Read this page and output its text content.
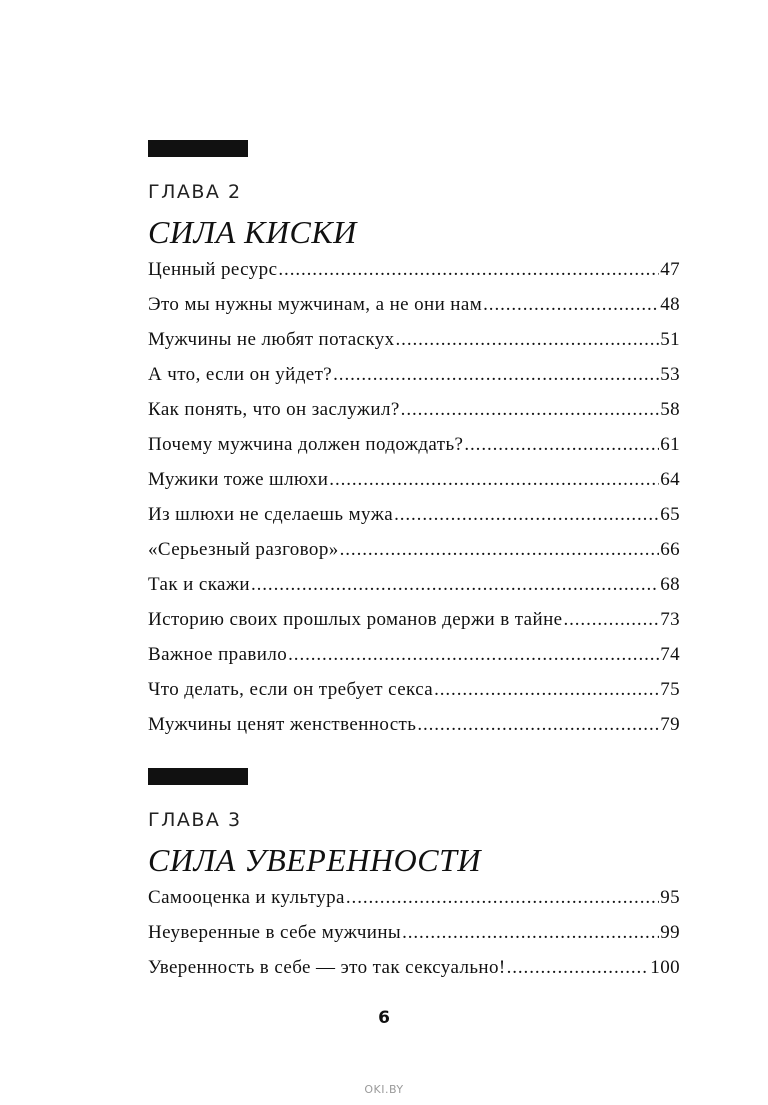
ГЛАВА 2
СИЛА КИСКИ
Ценный ресурс .....	47
Это мы нужны мужчинам, а не они нам .....	48
Мужчины не любят потаскух .....	51
А что, если он уйдет? .....	53
Как понять, что он заслужил? .....	58
Почему мужчина должен подождать? .....	61
Мужики тоже шлюхи .....	64
Из шлюхи не сделаешь мужа .....	65
«Серьезный разговор» .....	66
Так и скажи .....	68
Историю своих прошлых романов держи в тайне .....	73
Важное правило .....	74
Что делать, если он требует секса .....	75
Мужчины ценят женственность .....	79
ГЛАВА 3
СИЛА УВЕРЕННОСТИ
Самооценка и культура .....	95
Неуверенные в себе мужчины .....	99
Уверенность в себе — это так сексуально! .....	100
6
OKI.BY
